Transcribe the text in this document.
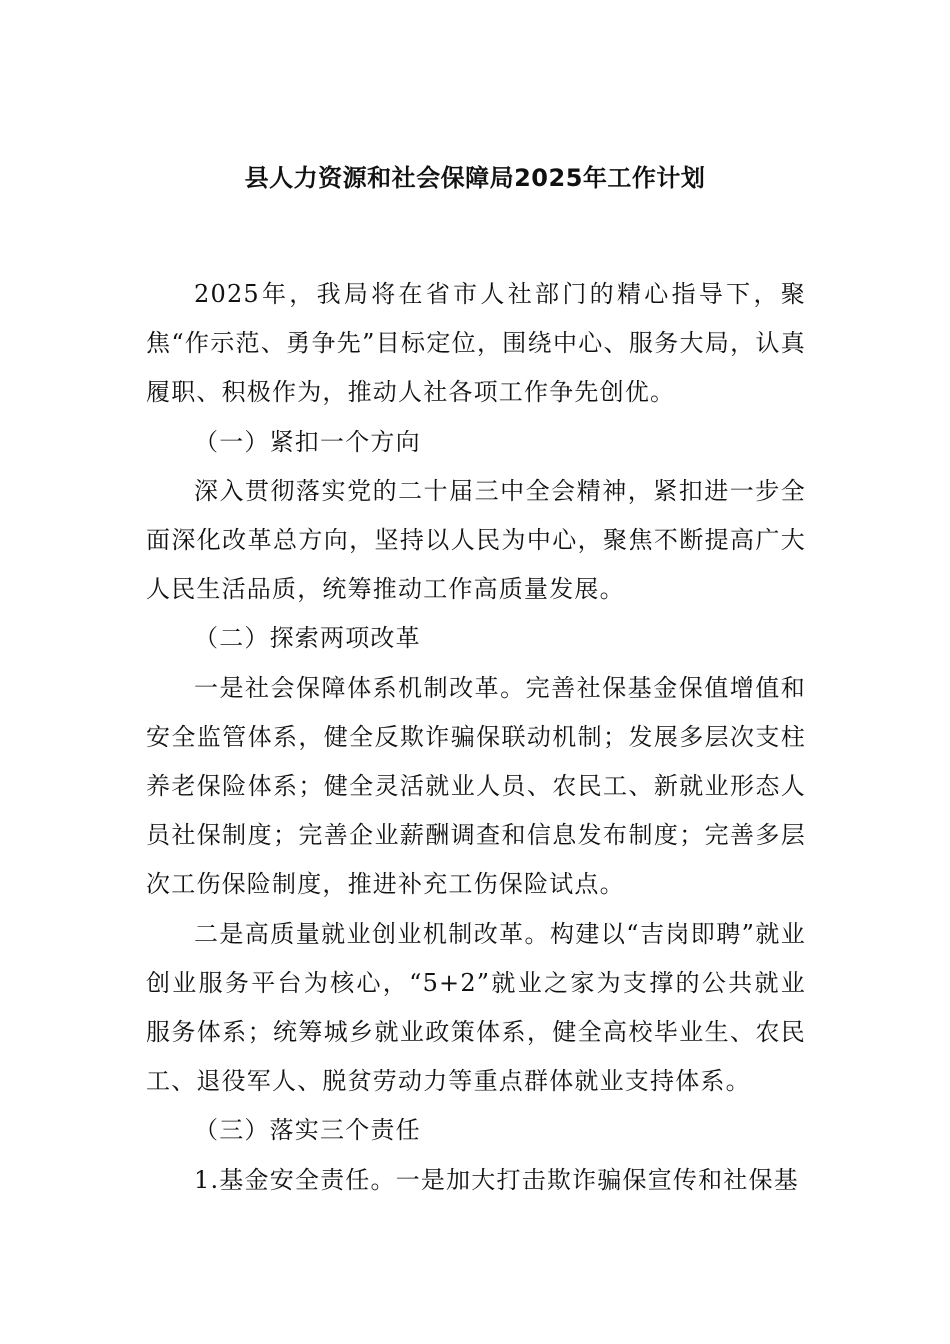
县人力资源和社会保障局2025年工作计划

2025年，我局将在省市人社部门的精心指导下，聚焦“作示范、勇争先”目标定位，围绕中心、服务大局，认真履职、积极作为，推动人社各项工作争先创优。

（一）紧扣一个方向

深入贯彻落实党的二十届三中全会精神，紧扣进一步全面深化改革总方向，坚持以人民为中心，聚焦不断提高广大人民生活品质，统筹推动工作高质量发展。

（二）探索两项改革

一是社会保障体系机制改革。完善社保基金保值增值和安全监管体系，健全反欺诈骗保联动机制；发展多层次支柱养老保险体系；健全灵活就业人员、农民工、新就业形态人员社保制度；完善企业薪酬调查和信息发布制度；完善多层次工伤保险制度，推进补充工伤保险试点。

二是高质量就业创业机制改革。构建以“吉岗即聘”就业创业服务平台为核心，“5+2”就业之家为支撑的公共就业服务体系；统筹城乡就业政策体系，健全高校毕业生、农民工、退役军人、脱贫劳动力等重点群体就业支持体系。

（三）落实三个责任

1.基金安全责任。一是加大打击欺诈骗保宣传和社保基
